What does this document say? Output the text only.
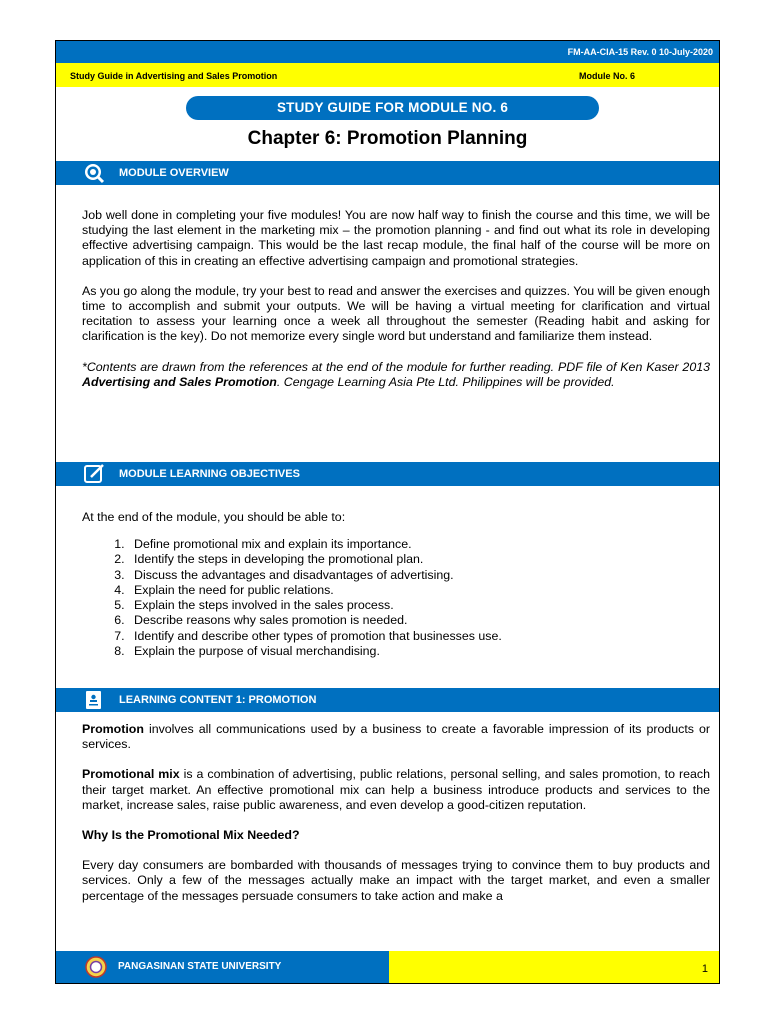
FM-AA-CIA-15 Rev. 0 10-July-2020
Study Guide in Advertising and Sales Promotion	Module No. 6
STUDY GUIDE FOR MODULE NO. 6
Chapter 6: Promotion Planning
MODULE OVERVIEW

Job well done in completing your five modules! You are now half way to finish the course and this time, we will be studying the last element in the marketing mix – the promotion planning - and find out what its role in developing effective advertising campaign. This would be the last recap module, the final half of the course will be more on application of this in creating an effective advertising campaign and promotional strategies.

As you go along the module, try your best to read and answer the exercises and quizzes. You will be given enough time to accomplish and submit your outputs. We will be having a virtual meeting for clarification and virtual recitation to assess your learning once a week all throughout the semester (Reading habit and asking for clarification is the key). Do not memorize every single word but understand and familiarize them instead.

*Contents are drawn from the references at the end of the module for further reading. PDF file of Ken Kaser 2013 Advertising and Sales Promotion. Cengage Learning Asia Pte Ltd. Philippines will be provided.

MODULE LEARNING OBJECTIVES
At the end of the module, you should be able to:
1. Define promotional mix and explain its importance.
2. Identify the steps in developing the promotional plan.
3. Discuss the advantages and disadvantages of advertising.
4. Explain the need for public relations.
5. Explain the steps involved in the sales process.
6. Describe reasons why sales promotion is needed.
7. Identify and describe other types of promotion that businesses use.
8. Explain the purpose of visual merchandising.
LEARNING CONTENT 1: PROMOTION

Promotion involves all communications used by a business to create a favorable impression of its products or services.

Promotional mix is a combination of advertising, public relations, personal selling, and sales promotion, to reach their target market. An effective promotional mix can help a business introduce products and services to the market, increase sales, raise public awareness, and even develop a good-citizen reputation.

Why Is the Promotional Mix Needed?

Every day consumers are bombarded with thousands of messages trying to convince them to buy products and services. Only a few of the messages actually make an impact with the target market, and even a smaller percentage of the messages persuade consumers to take action and make a

PANGASINAN STATE UNIVERSITY	1
